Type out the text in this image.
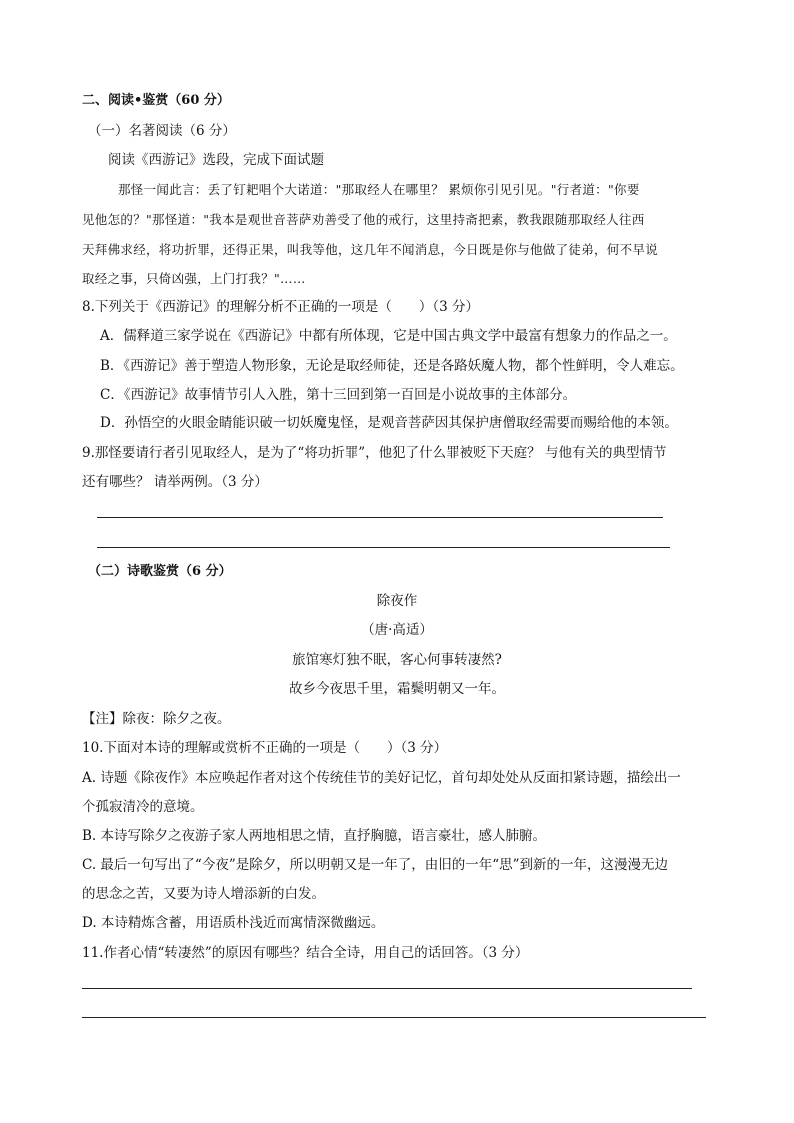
二、阅读•鉴赏（60 分）
（一）名著阅读（6 分）
阅读《西游记》选段，完成下面试题
那怪一闻此言：丢了钉耙唱个大诺道："那取经人在哪里？ 累烦你引见引见。"行者道："你要
见他怎的？"那怪道："我本是观世音菩萨劝善受了他的戒行，这里持斋把素，教我跟随那取经人往西
天拜佛求经，将功折罪，还得正果，叫我等他，这几年不闻消息，今日既是你与他做了徒弟，何不早说
取经之事，只倚凶强，上门打我？"……
8.下列关于《西游记》的理解分析不正确的一项是（　　）（3 分）
A．儒释道三家学说在《西游记》中都有所体现，它是中国古典文学中最富有想象力的作品之一。
B．《西游记》善于塑造人物形象，无论是取经师徒，还是各路妖魔人物，都个性鲜明，令人难忘。
C．《西游记》故事情节引人入胜，第十三回到第一百回是小说故事的主体部分。
D．孙悟空的火眼金睛能识破一切妖魔鬼怪，是观音菩萨因其保护唐僧取经需要而赐给他的本领。
9.那怪要请行者引见取经人，是为了“将功折罪”，他犯了什么罪被贬下天庭？ 与他有关的典型情节
还有哪些？ 请举两例。（3 分）
（二）诗歌鉴赏（6 分）
除夜作
（唐·高适）
旅馆寒灯独不眠，客心何事转凄然?
故乡今夜思千里，霜鬓明朝又一年。
【注】除夜：除夕之夜。
10.下面对本诗的理解或赏析不正确的一项是（　　）（3 分）
A. 诗题《除夜作》本应唤起作者对这个传统佳节的美好记忆，首句却处处从反面扣紧诗题，描绘出一
个孤寂清冷的意境。
B. 本诗写除夕之夜游子家人两地相思之情，直抒胸臆，语言豪壮，感人肺腑。
C. 最后一句写出了“今夜”是除夕，所以明朝又是一年了，由旧的一年“思”到新的一年，这漫漫无边
的思念之苦，又要为诗人增添新的白发。
D. 本诗精炼含蓄，用语质朴浅近而寓情深微幽远。
11.作者心情“转凄然”的原因有哪些？结合全诗，用自己的话回答。（3 分）
